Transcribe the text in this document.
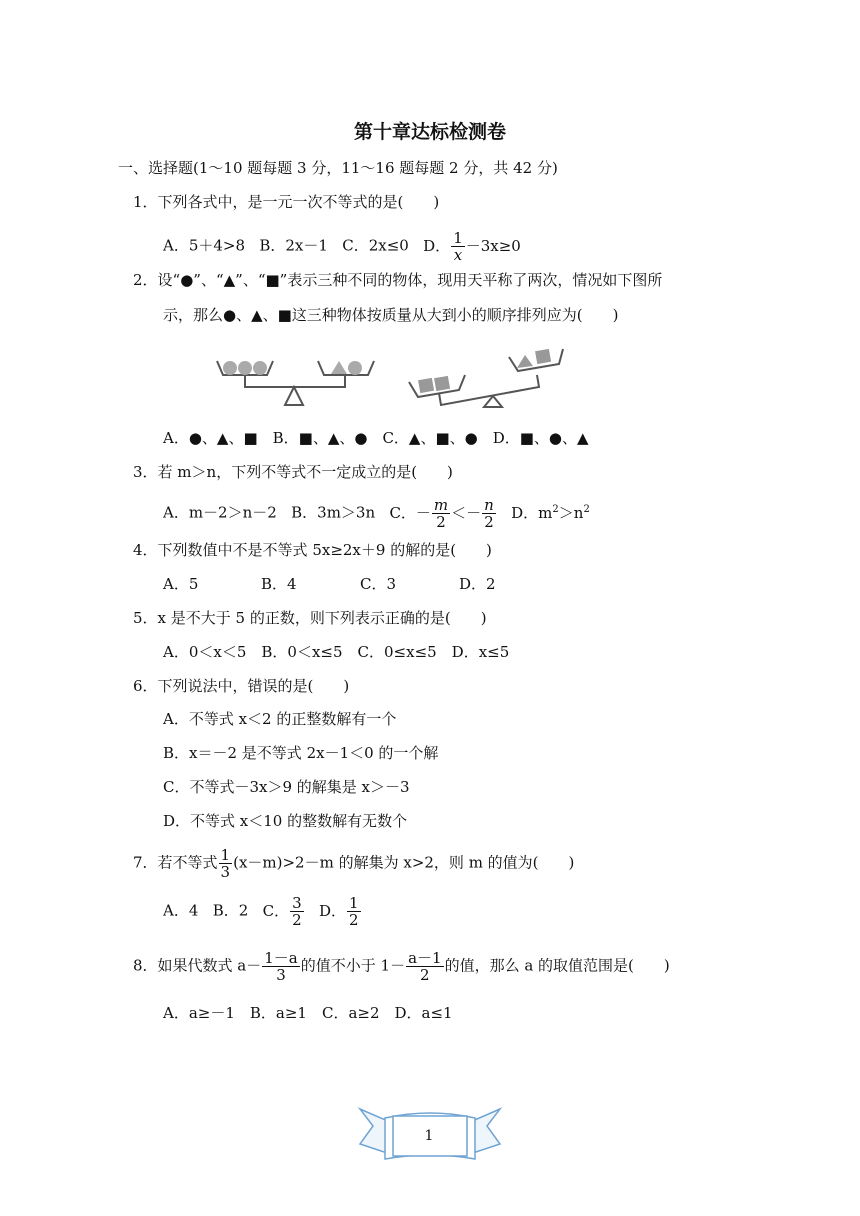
第十章达标检测卷
一、选择题(1～10 题每题 3 分，11～16 题每题 2 分，共 42 分)
1．下列各式中，是一元一次不等式的是(　　)
A．5＋4>8 B．2x－1 C．2x≤0 D． $\frac{1}{x} -3x\ge 0$
2．设“●”、“▲”、“■”表示三种不同的物体，现用天平称了两次，情况如下图所
示，那么●、▲、■这三种物体按质量从大到小的顺序排列应为(　　)
A．●、▲、■　B．■、▲、●　C．▲、■、●　D．■、●、▲
3．若 m＞n，下列不等式不一定成立的是(　　)
A．m－2＞n－2 B．3m＞3n C．－ $\frac{m}{2} <- \frac{n}{2}$ D．$m^2>n^2$
4．下列数值中不是不等式 5x≥2x＋9 的解的是(　　)
A．5	B．4	C．3	D．2
5．x 是不大于 5 的正数，则下列表示正确的是(　　)
A．0＜x＜5　B．0＜x≤5　C．0≤x≤5　D．x≤5
6．下列说法中，错误的是(　　)
A．不等式 x＜2 的正整数解有一个
B．x＝－2 是不等式 2x－1＜0 的一个解
C．不等式－3x＞9 的解集是 x＞－3
D．不等式 x＜10 的整数解有无数个
7．若不等式 $\frac{1}{3} (x-m)>2-m$ 的解集为 x>2，则 m 的值为(　　)
A．4 B．2 C． $\frac{3}{2}$ D． $\frac{1}{2}$
8．如果代数式 $a- \frac{1-a}{3}$ 的值不小于 $1- \frac{a-1}{2}$ 的值，那么 a 的取值范围是(　　)
A．a≥－1　B．a≥1　C．a≥2　D．a≤1
1
